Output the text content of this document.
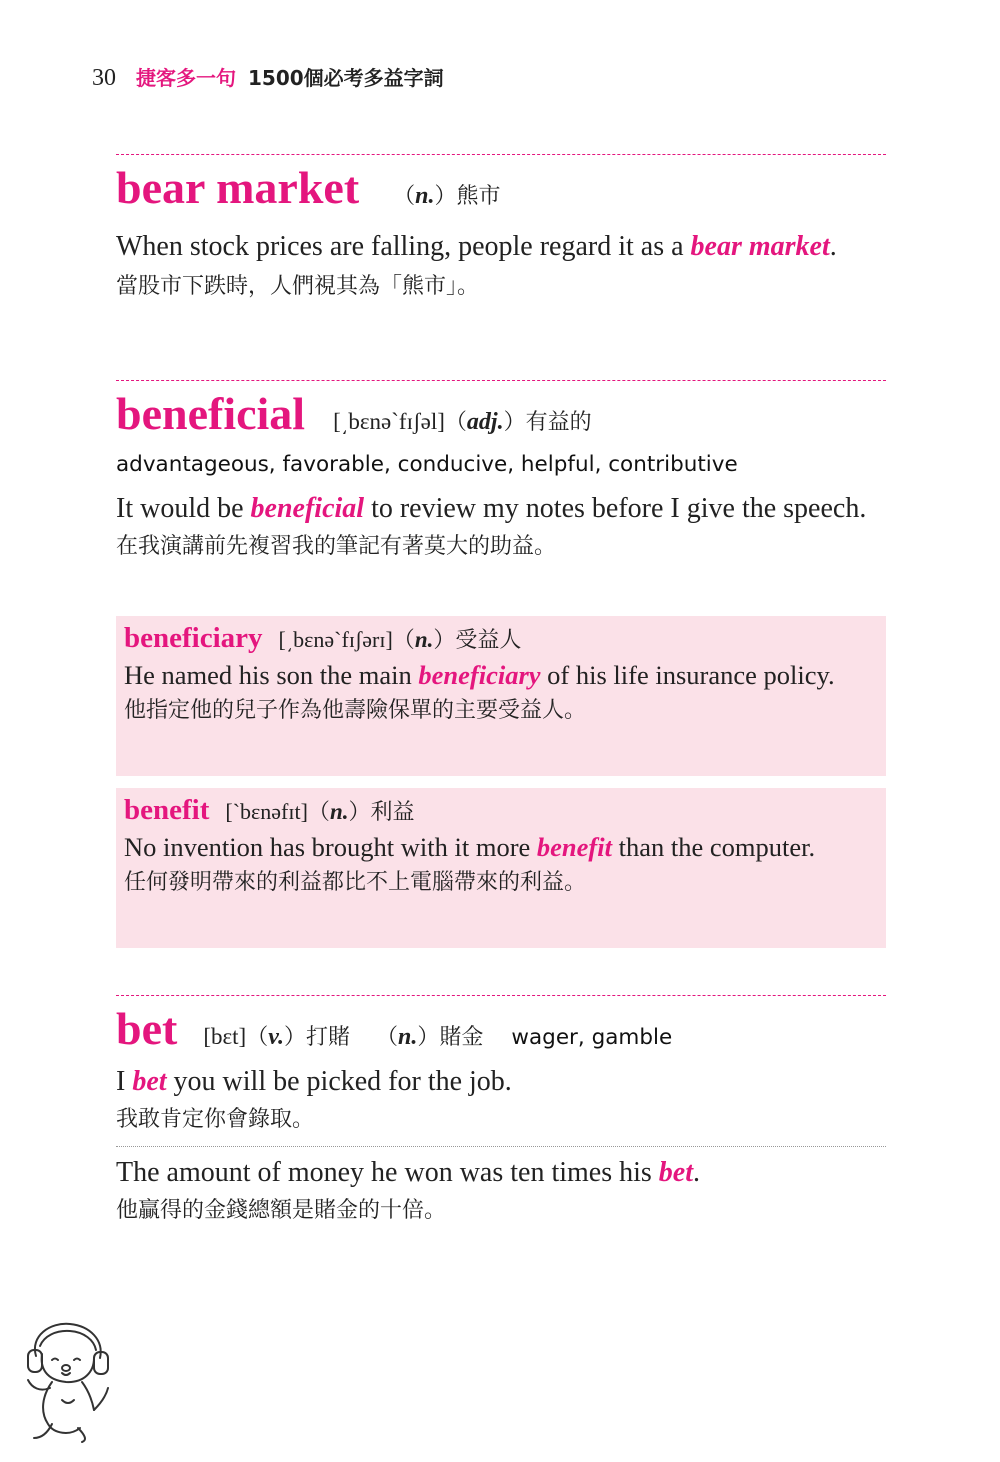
30 捷客多一句 1500個必考多益字詞
bear market （ n. ） 熊市
When stock prices are falling, people regard it as a bear market.
當股市下跌時，人們視其為「熊市」。
beneficial [͵bɛnə`fɪʃəl] （ adj. ） 有益的
advantageous, favorable, conducive, helpful, contributive
It would be beneficial to review my notes before I give the speech.
在我演講前先複習我的筆記有著莫大的助益。
beneficiary [͵bɛnə`fɪʃərɪ] （ n. ） 受益人
He named his son the main beneficiary of his life insurance policy.
他指定他的兒子作為他壽險保單的主要受益人。
benefit [`bɛnəfɪt] （ n. ） 利益
No invention has brought with it more benefit than the computer.
任何發明帶來的利益都比不上電腦帶來的利益。
bet [bɛt] （ v. ） 打賭 （ n. ） 賭金 wager, gamble
I bet you will be picked for the job.
我敢肯定你會錄取。
The amount of money he won was ten times his bet.
他贏得的金錢總額是賭金的十倍。
